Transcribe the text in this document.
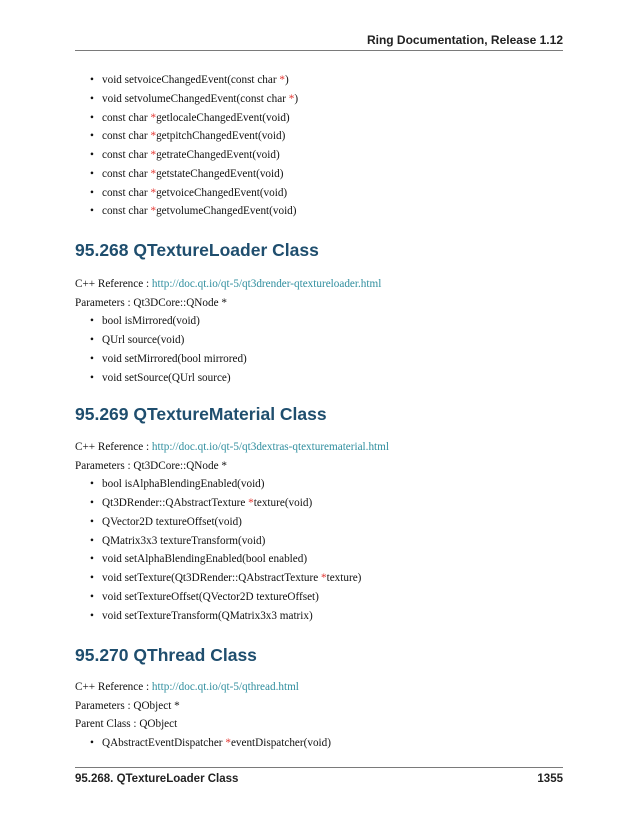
Ring Documentation, Release 1.12
• void setvoiceChangedEvent(const char *)
• void setvolumeChangedEvent(const char *)
• const char *getlocaleChangedEvent(void)
• const char *getpitchChangedEvent(void)
• const char *getrateChangedEvent(void)
• const char *getstateChangedEvent(void)
• const char *getvoiceChangedEvent(void)
• const char *getvolumeChangedEvent(void)
95.268 QTextureLoader Class

C++ Reference : http://doc.qt.io/qt-5/qt3drender-qtextureloader.html

Parameters : Qt3DCore::QNode *

• bool isMirrored(void)
• QUrl source(void)
• void setMirrored(bool mirrored)
• void setSource(QUrl source)
95.269 QTextureMaterial Class

C++ Reference : http://doc.qt.io/qt-5/qt3dextras-qtexturematerial.html

Parameters : Qt3DCore::QNode *

• bool isAlphaBlendingEnabled(void)
• Qt3DRender::QAbstractTexture *texture(void)
• QVector2D textureOffset(void)
• QMatrix3x3 textureTransform(void)
• void setAlphaBlendingEnabled(bool enabled)
• void setTexture(Qt3DRender::QAbstractTexture *texture)
• void setTextureOffset(QVector2D textureOffset)
• void setTextureTransform(QMatrix3x3 matrix)
95.270 QThread Class

C++ Reference : http://doc.qt.io/qt-5/qthread.html

Parameters : QObject *

Parent Class : QObject

• QAbstractEventDispatcher *eventDispatcher(void)
95.268. QTextureLoader Class	1355
